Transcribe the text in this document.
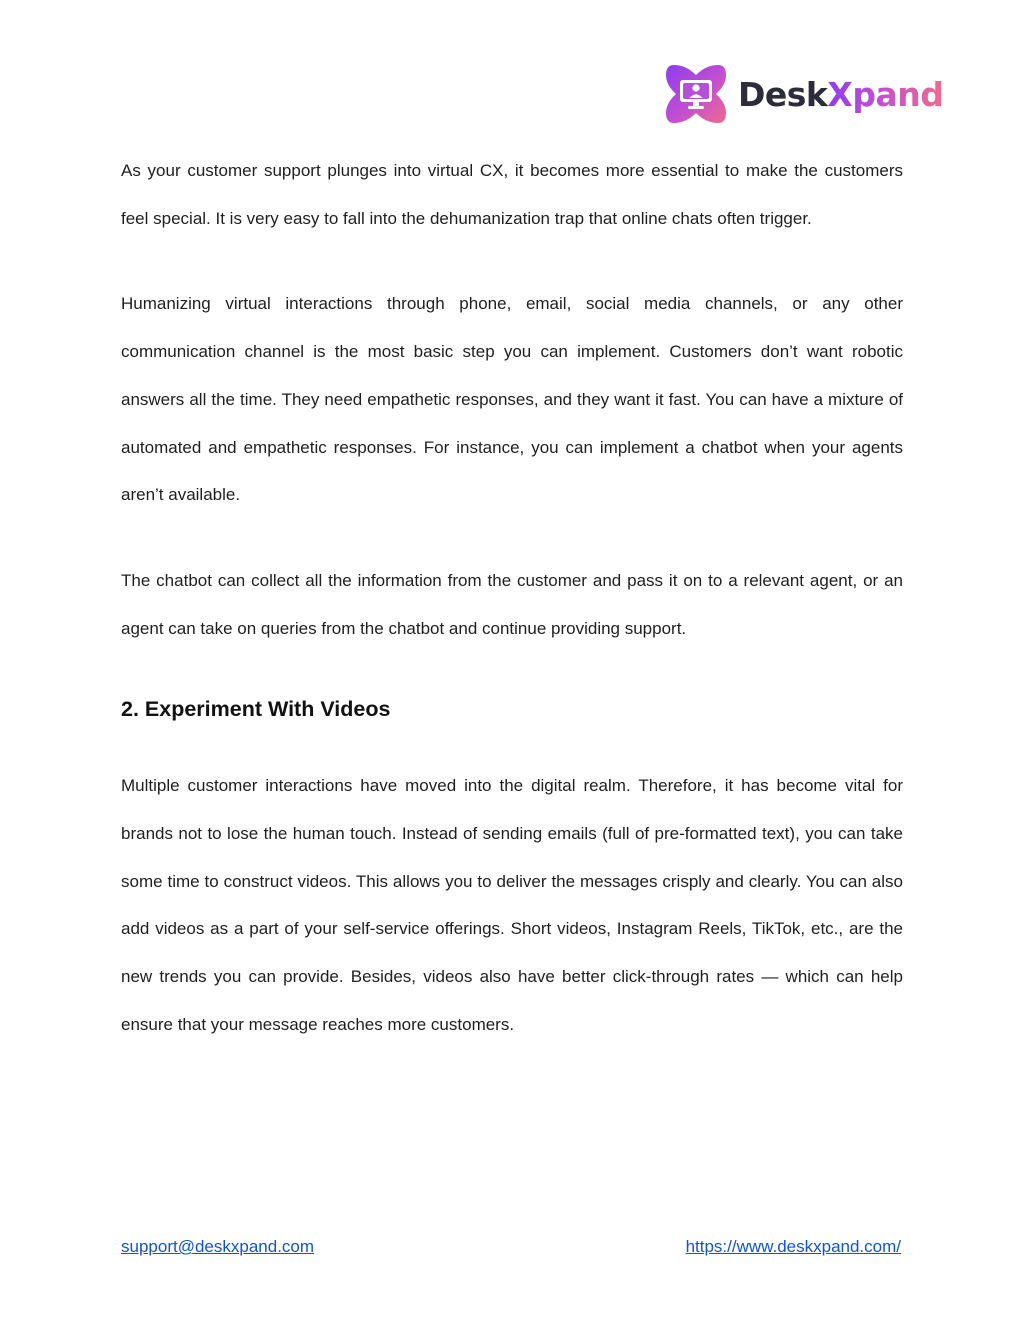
DeskXpand

As your customer support plunges into virtual CX, it becomes more essential to make the customers feel special. It is very easy to fall into the dehumanization trap that online chats often trigger.

Humanizing virtual interactions through phone, email, social media channels, or any other communication channel is the most basic step you can implement. Customers don’t want robotic answers all the time. They need empathetic responses, and they want it fast. You can have a mixture of automated and empathetic responses. For instance, you can implement a chatbot when your agents aren’t available.

The chatbot can collect all the information from the customer and pass it on to a relevant agent, or an agent can take on queries from the chatbot and continue providing support.

2. Experiment With Videos

Multiple customer interactions have moved into the digital realm. Therefore, it has become vital for brands not to lose the human touch. Instead of sending emails (full of pre-formatted text), you can take some time to construct videos. This allows you to deliver the messages crisply and clearly. You can also add videos as a part of your self-service offerings. Short videos, Instagram Reels, TikTok, etc., are the new trends you can provide. Besides, videos also have better click-through rates — which can help ensure that your message reaches more customers.

support@deskxpand.com	https://www.deskxpand.com/
